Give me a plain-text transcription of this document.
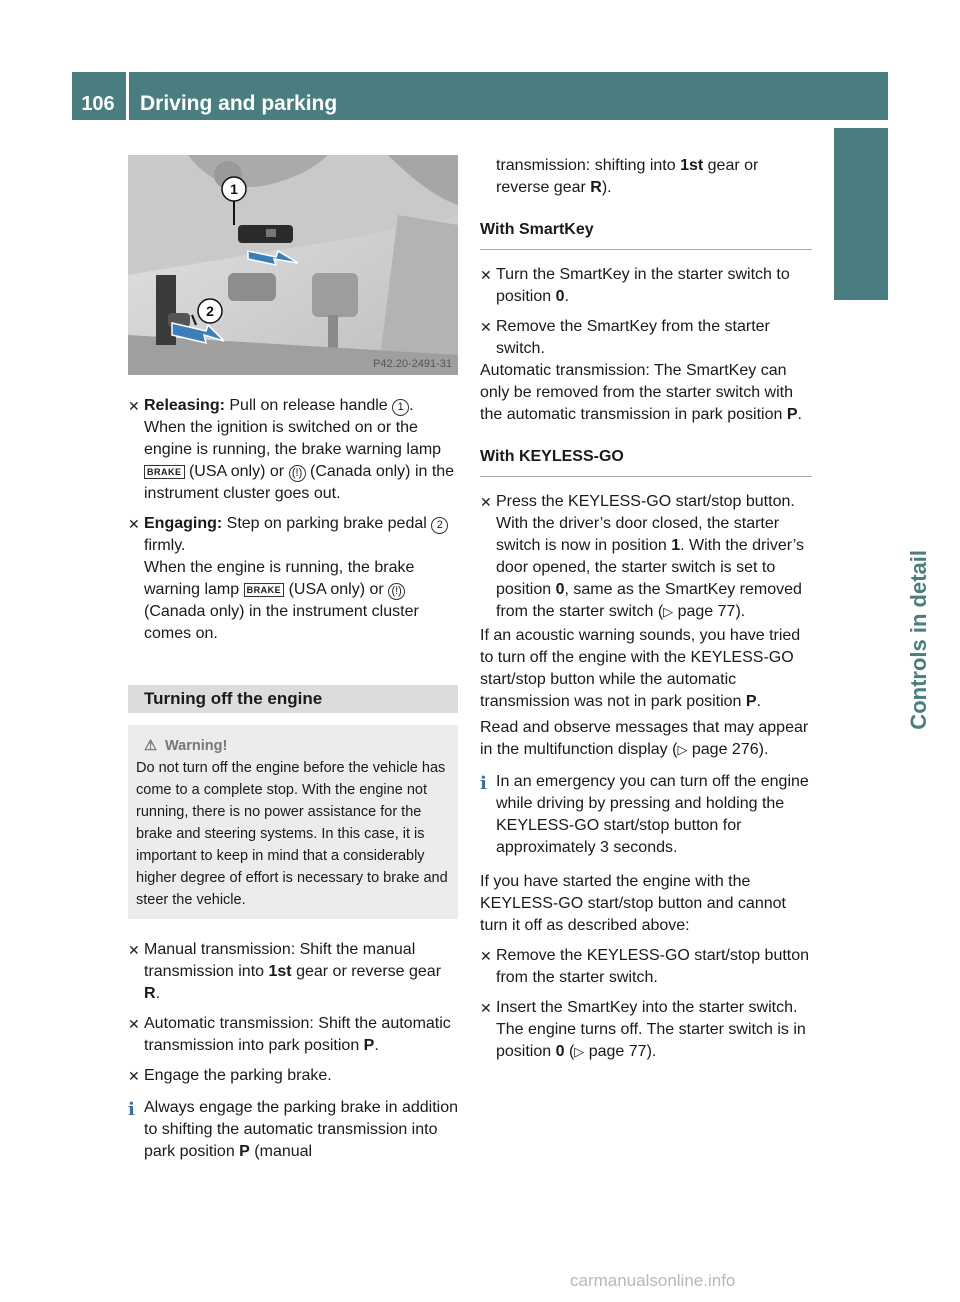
106	Driving and parking
Controls in detail
1
2
P42.20-2491-31
✕ Releasing: Pull on release handle 1 .
When the ignition is switched on or the engine is running, the brake warning lamp BRAKE (USA only) or (!) (Canada only) in the instrument cluster goes out.
✕ Engaging: Step on parking brake pedal 2 firmly.
When the engine is running, the brake warning lamp BRAKE (USA only) or (!) (Canada only) in the instrument cluster comes on.
Turning off the engine
⚠ Warning!
Do not turn off the engine before the vehicle has come to a complete stop. With the engine not running, there is no power assistance for the brake and steering systems. In this case, it is important to keep in mind that a considerably higher degree of effort is necessary to brake and steer the vehicle.
✕ Manual transmission: Shift the manual transmission into 1st gear or reverse gear R.
✕ Automatic transmission: Shift the automatic transmission into park position P.
✕ Engage the parking brake.
i Always engage the parking brake in addition to shifting the automatic transmission into park position P (manual
transmission: shifting into 1st gear or reverse gear R).
With SmartKey
✕ Turn the SmartKey in the starter switch to position 0.
✕ Remove the SmartKey from the starter switch.
Automatic transmission: The SmartKey can only be removed from the starter switch with the automatic transmission in park position P.
With KEYLESS-GO
✕ Press the KEYLESS-GO start/stop button. With the driver’s door closed, the starter switch is now in position 1. With the driver’s door opened, the starter switch is set to position 0, same as the SmartKey removed from the starter switch (▷ page 77).
If an acoustic warning sounds, you have tried to turn off the engine with the KEYLESS-GO start/stop button while the automatic transmission was not in park position P.
Read and observe messages that may appear in the multifunction display (▷ page 276).
i In an emergency you can turn off the engine while driving by pressing and holding the KEYLESS-GO start/stop button for approximately 3 seconds.
If you have started the engine with the KEYLESS-GO start/stop button and cannot turn it off as described above:
✕ Remove the KEYLESS-GO start/stop button from the starter switch.
✕ Insert the SmartKey into the starter switch. The engine turns off. The starter switch is in position 0 (▷ page 77).
carmanualsonline.info
